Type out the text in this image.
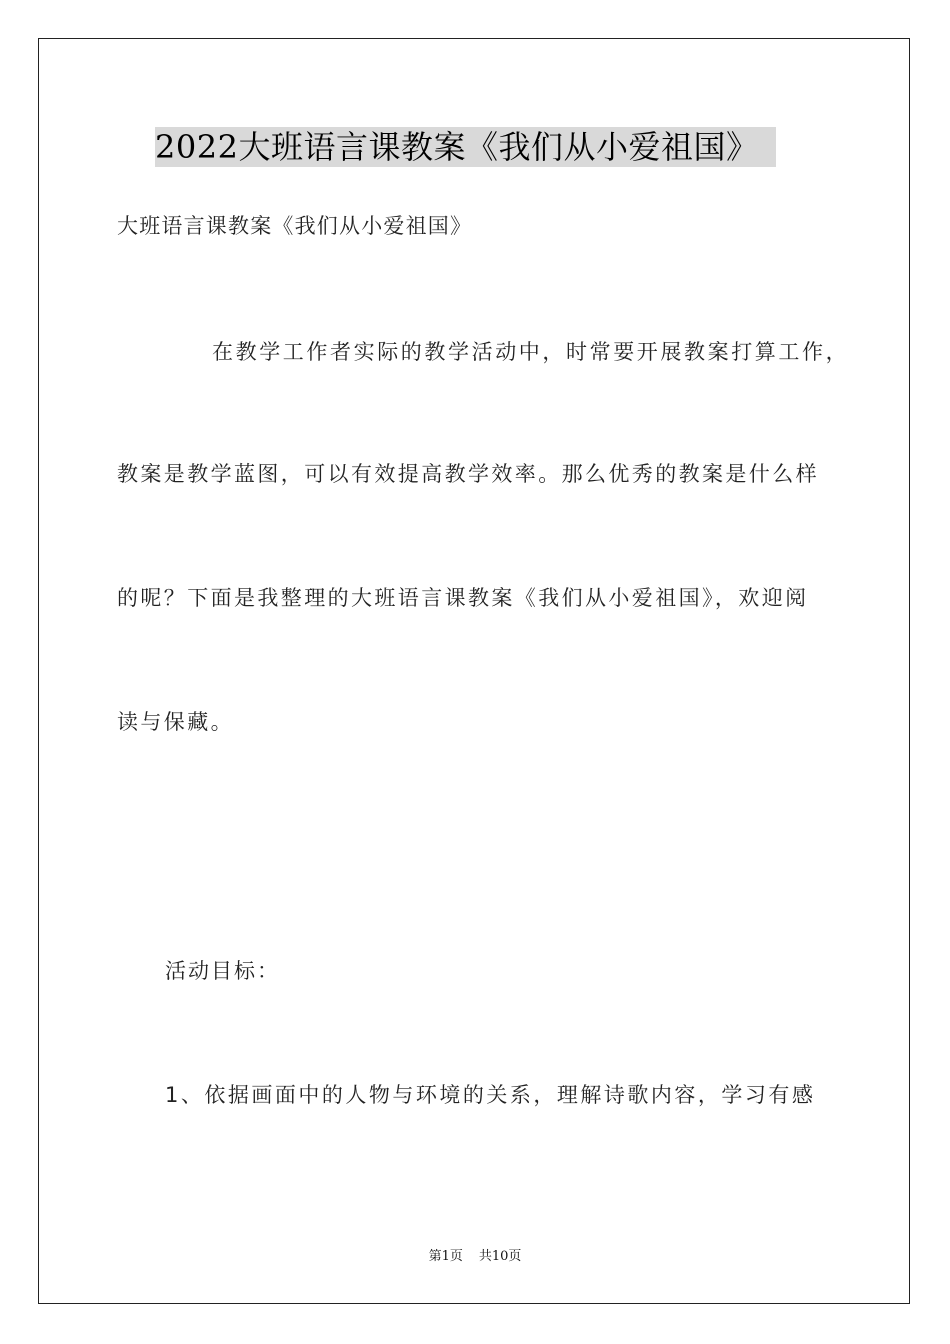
2022大班语言课教案《我们从小爱祖国》
大班语言课教案《我们从小爱祖国》
在教学工作者实际的教学活动中，时常要开展教案打算工作，
教案是教学蓝图，可以有效提高教学效率。那么优秀的教案是什么样
的呢？下面是我整理的大班语言课教案《我们从小爱祖国》，欢迎阅
读与保藏。
活动目标：
1、依据画面中的人物与环境的关系，理解诗歌内容，学习有感
第1页 共10页
